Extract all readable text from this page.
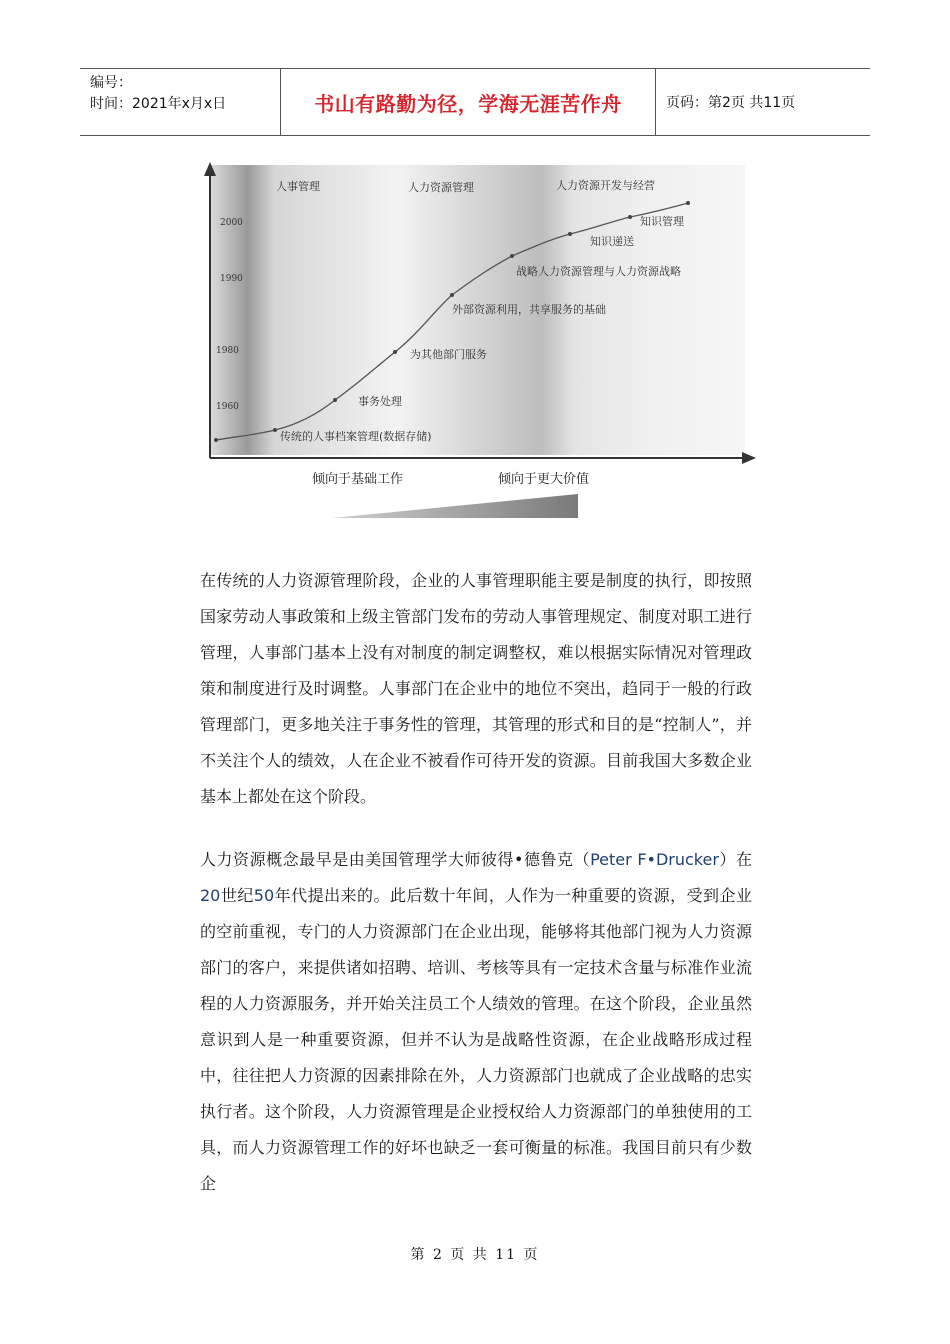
编号：
时间：2021年x月x日	书山有路勤为径，学海无涯苦作舟	页码：第2页 共11页
人事管理	人力资源管理	人力资源开发与经营
2000
1990
1980
1960
传统的人事档案管理(数据存储)
事务处理
为其他部门服务
外部资源利用，共享服务的基础
战略人力资源管理与人力资源战略
知识递送
知识管理
倾向于基础工作	倾向于更大价值

在传统的人力资源管理阶段，企业的人事管理职能主要是制度的执行，即按照国家劳动人事政策和上级主管部门发布的劳动人事管理规定、制度对职工进行管理，人事部门基本上没有对制度的制定调整权，难以根据实际情况对管理政策和制度进行及时调整。人事部门在企业中的地位不突出，趋同于一般的行政管理部门，更多地关注于事务性的管理，其管理的形式和目的是“控制人”，并不关注个人的绩效，人在企业不被看作可待开发的资源。目前我国大多数企业基本上都处在这个阶段。

人力资源概念最早是由美国管理学大师彼得•德鲁克（Peter F•Drucker）在20世纪50年代提出来的。此后数十年间，人作为一种重要的资源，受到企业的空前重视，专门的人力资源部门在企业出现，能够将其他部门视为人力资源部门的客户，来提供诸如招聘、培训、考核等具有一定技术含量与标准作业流程的人力资源服务，并开始关注员工个人绩效的管理。在这个阶段，企业虽然意识到人是一种重要资源，但并不认为是战略性资源，在企业战略形成过程中，往往把人力资源的因素排除在外，人力资源部门也就成了企业战略的忠实执行者。这个阶段，人力资源管理是企业授权给人力资源部门的单独使用的工具，而人力资源管理工作的好坏也缺乏一套可衡量的标准。我国目前只有少数企

第 2 页 共 11 页
